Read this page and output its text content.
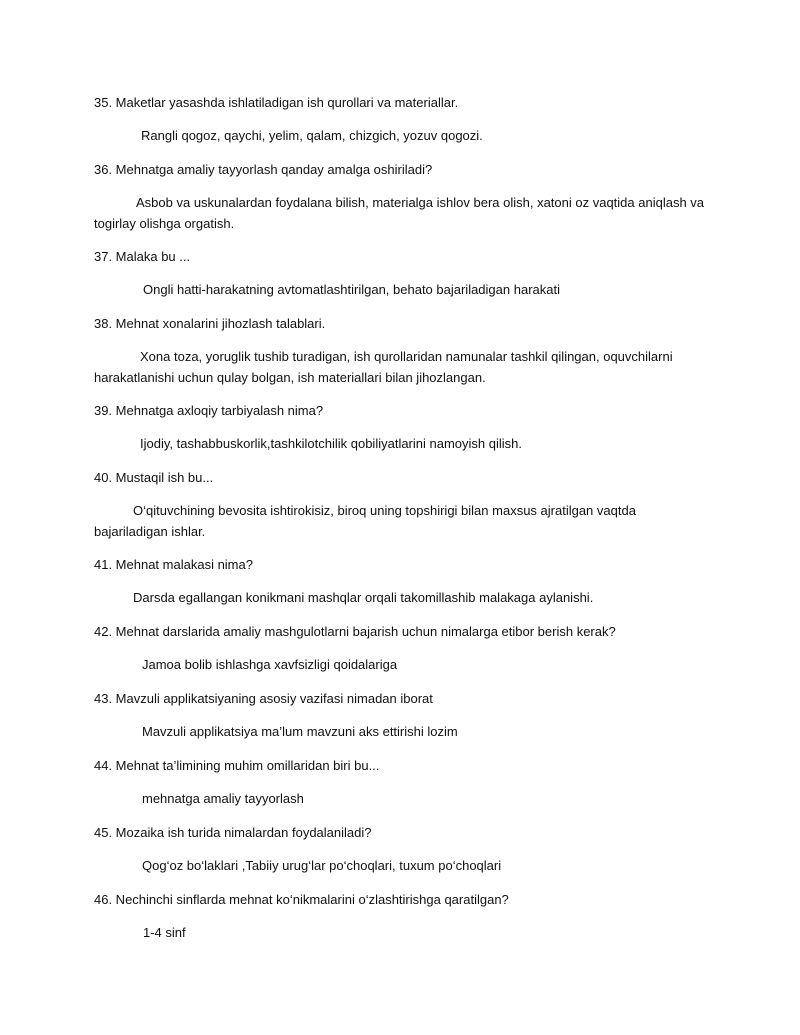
35. Maketlar yasashda ishlatiladigan ish qurollari va materiallar.
Rangli qogoz, qaychi, yelim, qalam, chizgich, yozuv qogozi.
36. Mehnatga amaliy tayyorlash qanday amalga oshiriladi?
Asbob va uskunalardan foydalana bilish, materialga ishlov bera olish, xatoni oz vaqtida aniqlash va togirlay olishga orgatish.
37. Malaka bu ...
Ongli hatti-harakatning avtomatlashtirilgan, behato bajariladigan harakati
38. Mehnat xonalarini jihozlash talablari.
Xona toza, yoruglik tushib turadigan, ish qurollaridan namunalar tashkil qilingan, oquvchilarni harakatlanishi uchun qulay bolgan, ish materiallari bilan jihozlangan.
39. Mehnatga axloqiy tarbiyalash nima?
Ijodiy, tashabbuskorlik,tashkilotchilik qobiliyatlarini namoyish qilish.
40. Mustaqil ish bu...
O‘qituvchining bevosita ishtirokisiz, biroq uning topshirigi bilan maxsus ajratilgan vaqtda bajariladigan ishlar.
41. Mehnat malakasi nima?
Darsda egallangan konikmani mashqlar orqali takomillashib malakaga aylanishi.
42. Mehnat darslarida amaliy mashgulotlarni bajarish uchun nimalarga etibor berish kerak?
Jamoa bolib ishlashga xavfsizligi qoidalariga
43. Mavzuli applikatsiyaning asosiy vazifasi nimadan iborat
Mavzuli applikatsiya ma’lum mavzuni aks ettirishi lozim
44. Mehnat ta’limining muhim omillaridan biri bu...
mehnatga amaliy tayyorlash
45. Mozaika ish turida nimalardan foydalaniladi?
Qog‘oz bo‘laklari ,Tabiiy urug‘lar po‘choqlari, tuxum po‘choqlari
46. Nechinchi sinflarda mehnat ko‘nikmalarini o‘zlashtirishga qaratilgan?
1-4 sinf
